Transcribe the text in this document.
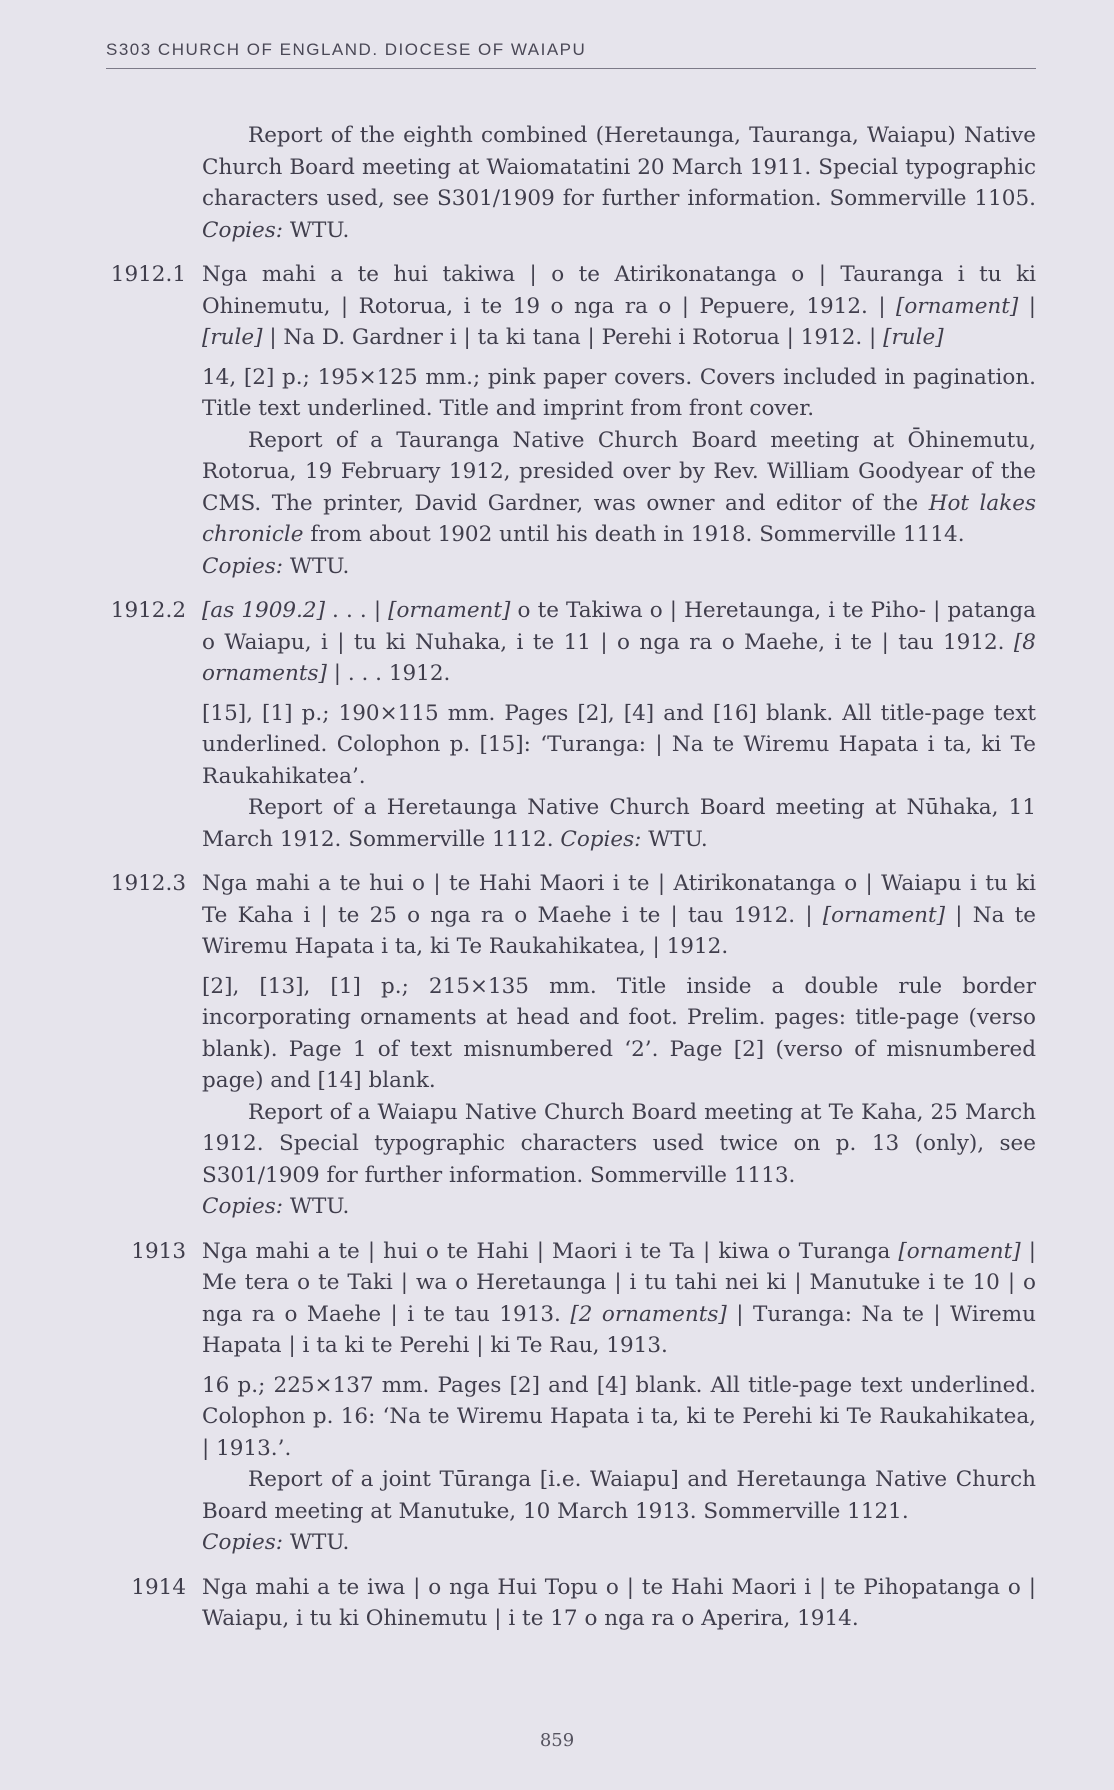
S303 CHURCH OF ENGLAND. DIOCESE OF WAIAPU
Report of the eighth combined (Heretaunga, Tauranga, Waiapu) Native Church Board meeting at Waiomatatini 20 March 1911. Special typographic characters used, see S301/1909 for further information. Sommerville 1105. Copies: WTU.
1912.1 Nga mahi a te hui takiwa | o te Atirikonatanga o | Tauranga i tu ki Ohinemutu, | Rotorua, i te 19 o nga ra o | Pepuere, 1912. | [ornament] | [rule] | Na D. Gardner i | ta ki tana | Perehi i Rotorua | 1912. | [rule]
14, [2] p.; 195×125 mm.; pink paper covers. Covers included in pagination. Title text underlined. Title and imprint from front cover.
Report of a Tauranga Native Church Board meeting at Ōhinemutu, Rotorua, 19 February 1912, presided over by Rev. William Goodyear of the CMS. The printer, David Gardner, was owner and editor of the Hot lakes chronicle from about 1902 until his death in 1918. Sommerville 1114.
Copies: WTU.
1912.2 [as 1909.2] . . . | [ornament] o te Takiwa o | Heretaunga, i te Piho- | patanga o Waiapu, i | tu ki Nuhaka, i te 11 | o nga ra o Maehe, i te | tau 1912. [8 ornaments] | . . . 1912.
[15], [1] p.; 190×115 mm. Pages [2], [4] and [16] blank. All title-page text underlined. Colophon p. [15]: ‘Turanga: | Na te Wiremu Hapata i ta, ki Te Raukahikatea’.
Report of a Heretaunga Native Church Board meeting at Nūhaka, 11 March 1912. Sommerville 1112. Copies: WTU.
1912.3 Nga mahi a te hui o | te Hahi Maori i te | Atirikonatanga o | Waiapu i tu ki Te Kaha i | te 25 o nga ra o Maehe i te | tau 1912. | [ornament] | Na te Wiremu Hapata i ta, ki Te Raukahikatea, | 1912.
[2], [13], [1] p.; 215×135 mm. Title inside a double rule border incorporating ornaments at head and foot. Prelim. pages: title-page (verso blank). Page 1 of text misnumbered ‘2’. Page [2] (verso of misnumbered page) and [14] blank.
Report of a Waiapu Native Church Board meeting at Te Kaha, 25 March 1912. Special typographic characters used twice on p. 13 (only), see S301/1909 for further information. Sommerville 1113.
Copies: WTU.
1913 Nga mahi a te | hui o te Hahi | Maori i te Ta | kiwa o Turanga [ornament] | Me tera o te Taki | wa o Heretaunga | i tu tahi nei ki | Manutuke i te 10 | o nga ra o Maehe | i te tau 1913. [2 ornaments] | Turanga: Na te | Wiremu Hapata | i ta ki te Perehi | ki Te Rau, 1913.
16 p.; 225×137 mm. Pages [2] and [4] blank. All title-page text underlined. Colophon p. 16: ‘Na te Wiremu Hapata i ta, ki te Perehi ki Te Raukahikatea, | 1913.’.
Report of a joint Tūranga [i.e. Waiapu] and Heretaunga Native Church Board meeting at Manutuke, 10 March 1913. Sommerville 1121.
Copies: WTU.
1914 Nga mahi a te iwa | o nga Hui Topu o | te Hahi Maori i | te Pihopatanga o | Waiapu, i tu ki Ohinemutu | i te 17 o nga ra o Aperira, 1914.
859
